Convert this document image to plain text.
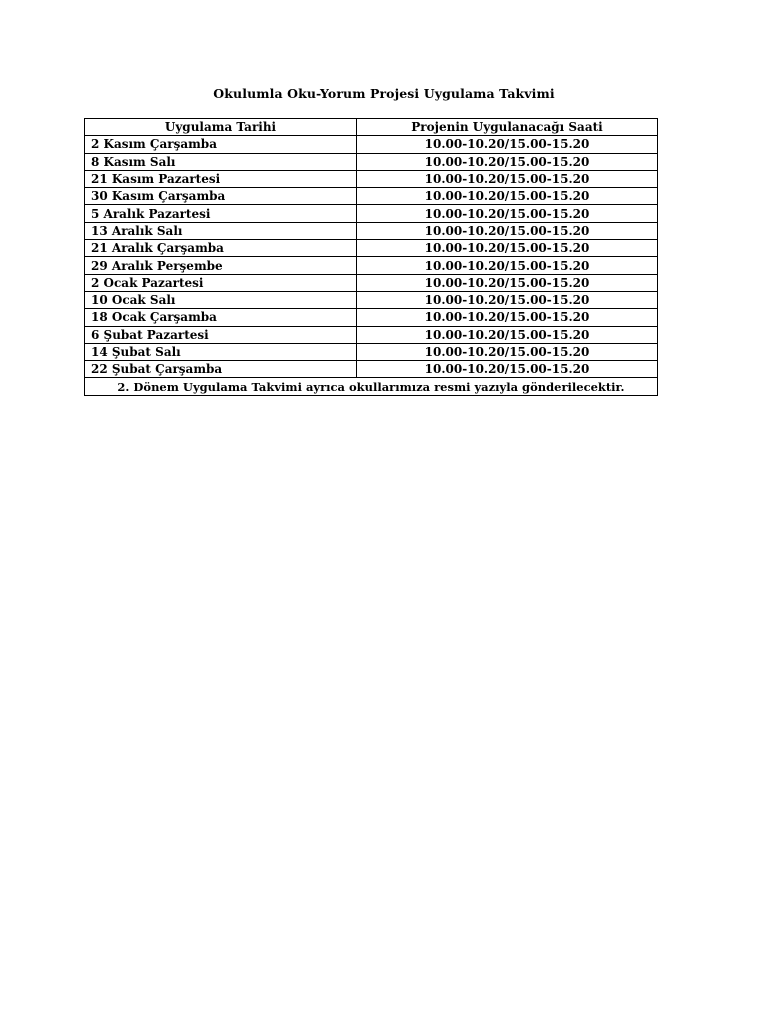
Okulumla Oku-Yorum Projesi Uygulama Takvimi
Uygulama Tarihi	Projenin Uygulanacağı Saati
2 Kasım Çarşamba	10.00-10.20/15.00-15.20
8 Kasım Salı	10.00-10.20/15.00-15.20
21 Kasım Pazartesi	10.00-10.20/15.00-15.20
30 Kasım Çarşamba	10.00-10.20/15.00-15.20
5 Aralık Pazartesi	10.00-10.20/15.00-15.20
13 Aralık Salı	10.00-10.20/15.00-15.20
21 Aralık Çarşamba	10.00-10.20/15.00-15.20
29 Aralık Perşembe	10.00-10.20/15.00-15.20
2 Ocak Pazartesi	10.00-10.20/15.00-15.20
10 Ocak Salı	10.00-10.20/15.00-15.20
18 Ocak Çarşamba	10.00-10.20/15.00-15.20
6 Şubat Pazartesi	10.00-10.20/15.00-15.20
14 Şubat Salı	10.00-10.20/15.00-15.20
22 Şubat Çarşamba	10.00-10.20/15.00-15.20
2. Dönem Uygulama Takvimi ayrıca okullarımıza resmi yazıyla gönderilecektir.	
